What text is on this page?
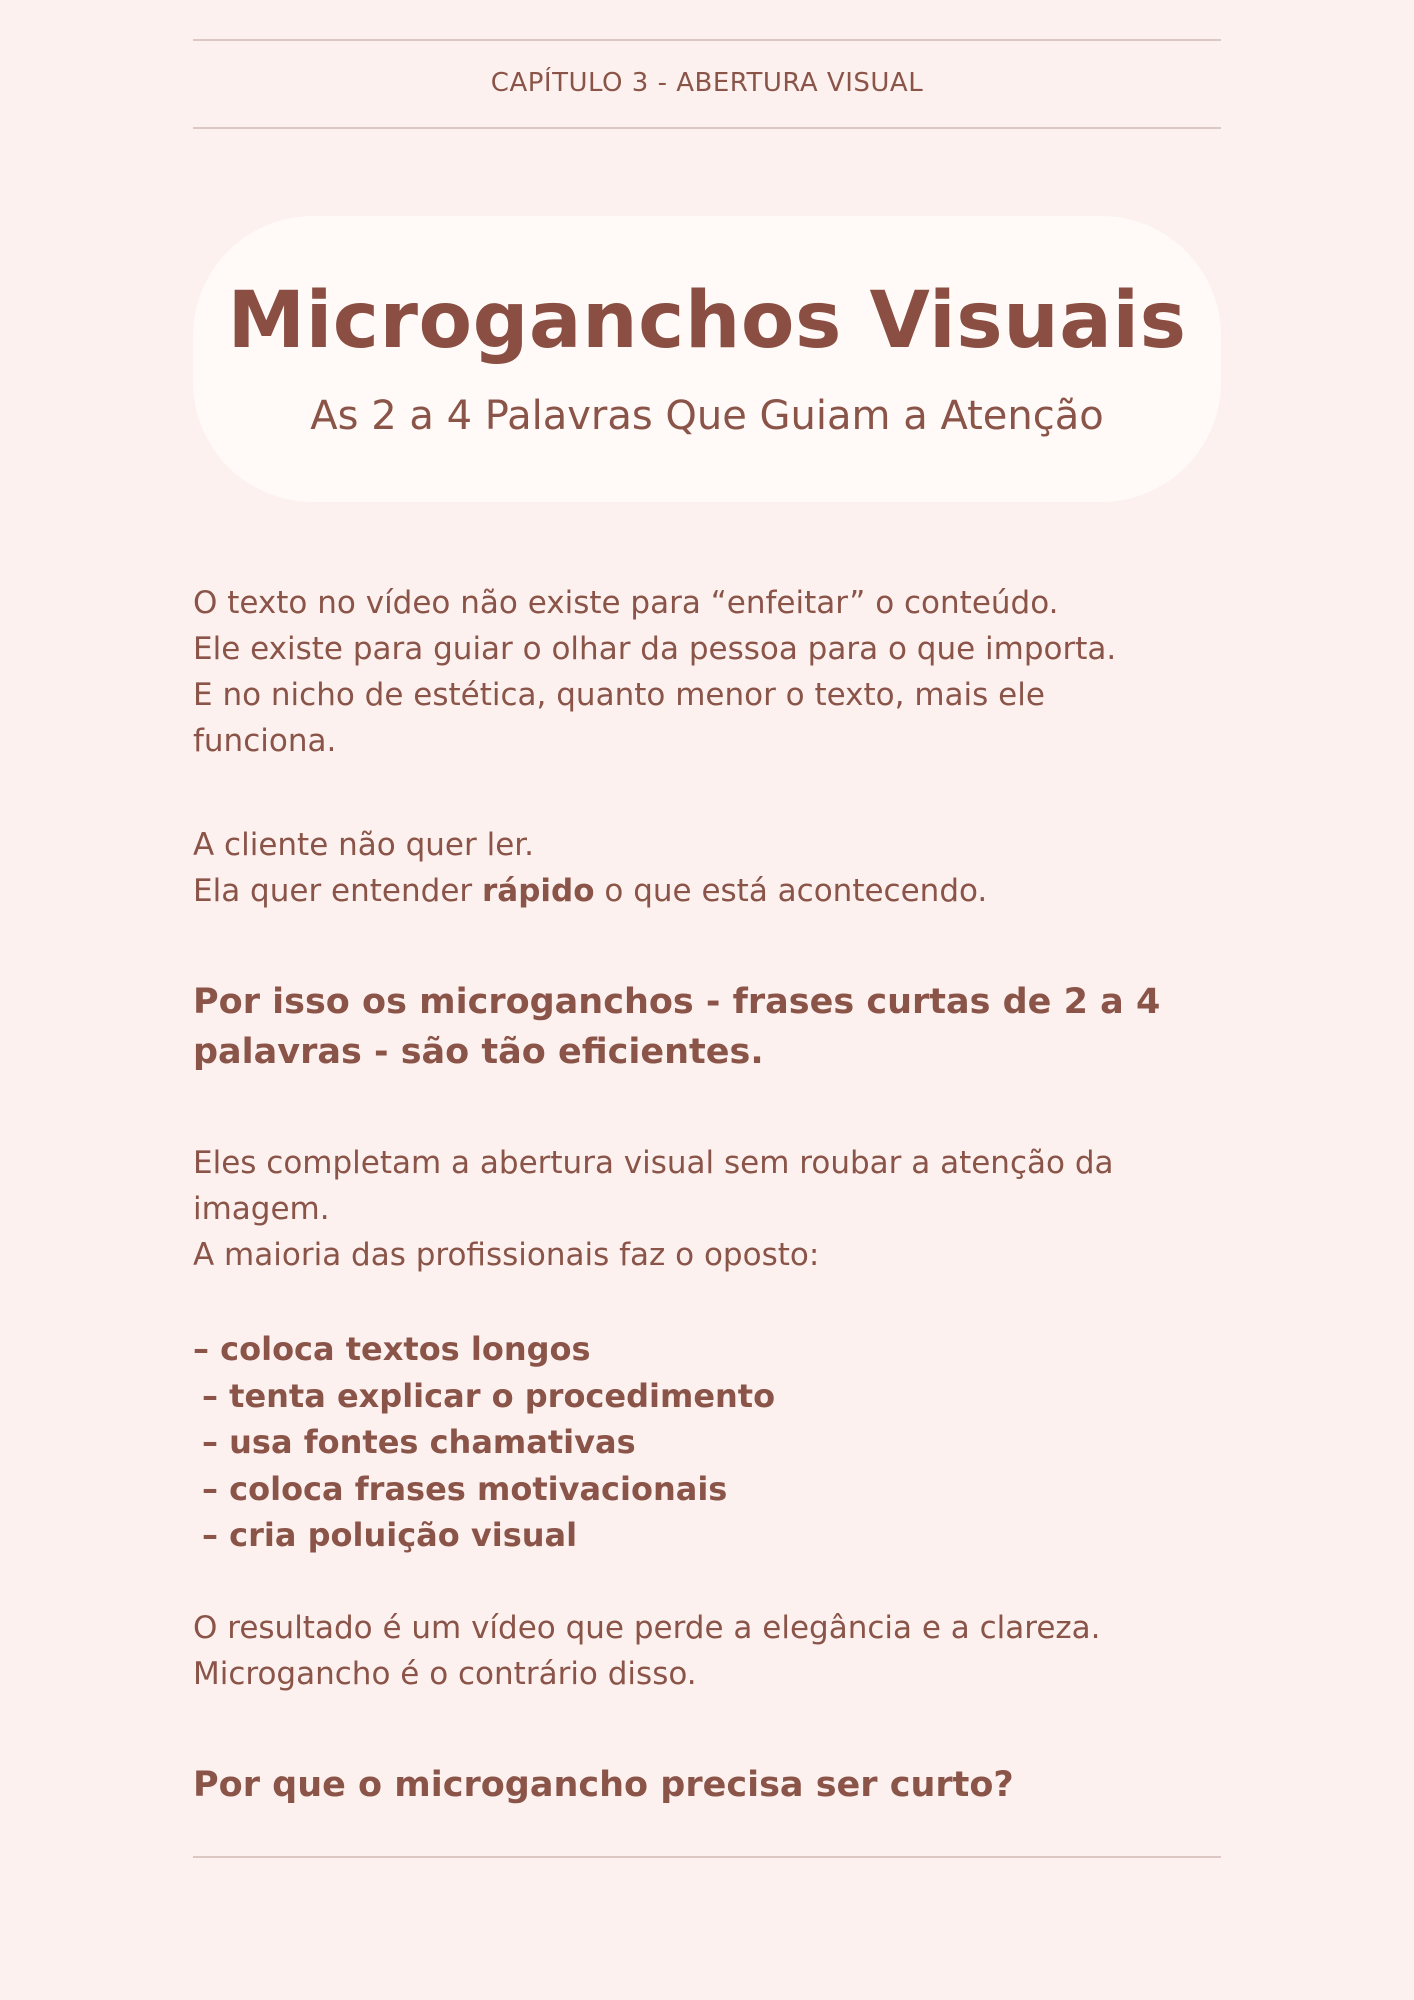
CAPÍTULO 3 - ABERTURA VISUAL
Microganchos Visuais
As 2 a 4 Palavras Que Guiam a Atenção
O texto no vídeo não existe para “enfeitar” o conteúdo.
Ele existe para guiar o olhar da pessoa para o que importa.
E no nicho de estética, quanto menor o texto, mais ele
funciona.
A cliente não quer ler.
Ela quer entender rápido o que está acontecendo.
Por isso os microganchos - frases curtas de 2 a 4
palavras - são tão eficientes.
Eles completam a abertura visual sem roubar a atenção da
imagem.
A maioria das profissionais faz o oposto:
– coloca textos longos
– tenta explicar o procedimento
– usa fontes chamativas
– coloca frases motivacionais
– cria poluição visual
O resultado é um vídeo que perde a elegância e a clareza.
Microgancho é o contrário disso.
Por que o microgancho precisa ser curto?
